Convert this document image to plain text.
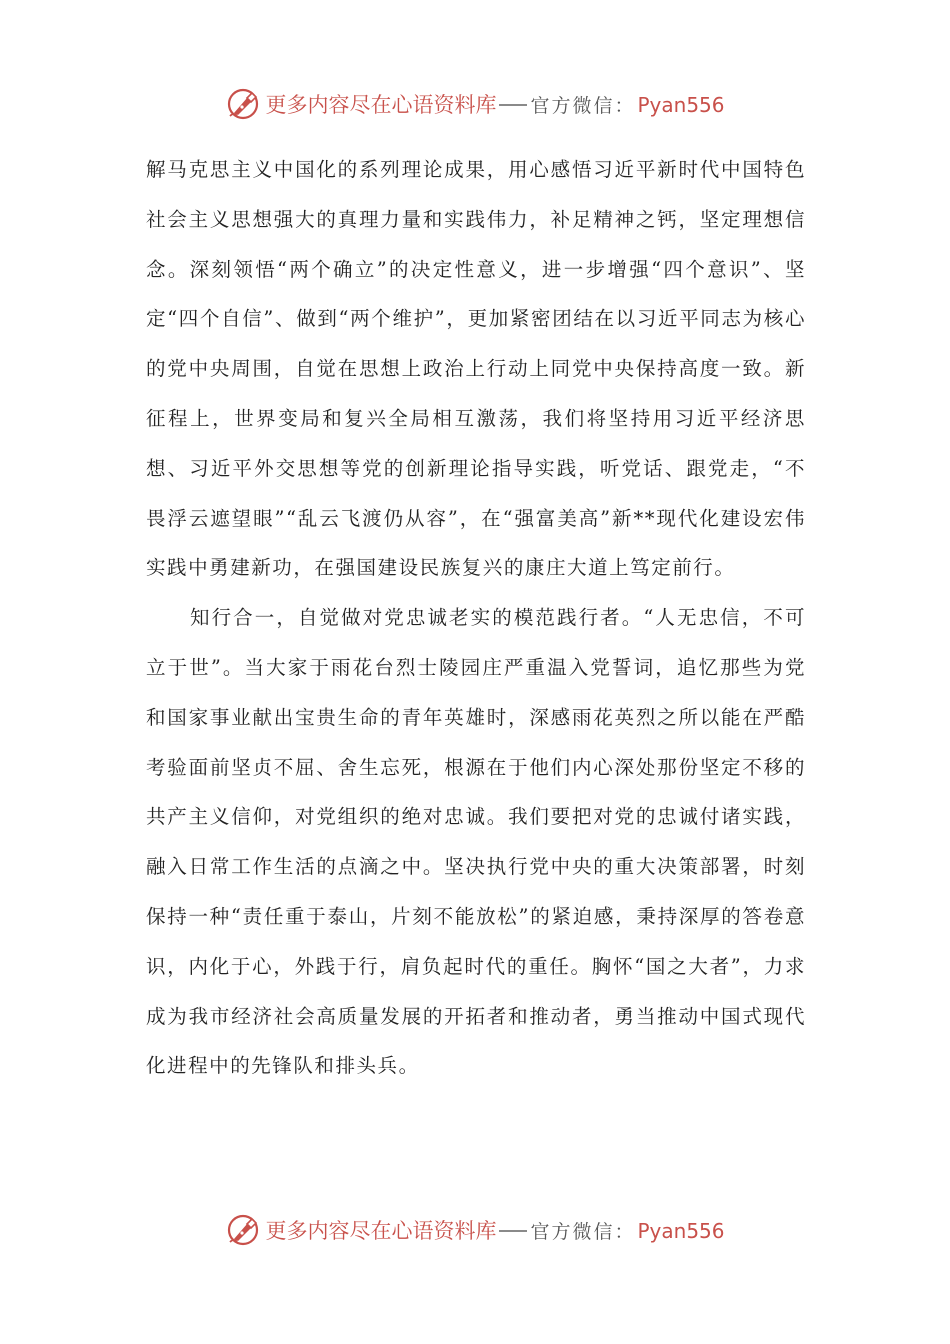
更多内容尽在心语资料库 官方微信： Pyan556

解马克思主义中国化的系列理论成果，用心感悟习近平新时代中国特色社会主义思想强大的真理力量和实践伟力，补足精神之钙，坚定理想信念。深刻领悟“两个确立”的决定性意义，进一步增强“四个意识”、坚定“四个自信”、做到“两个维护”，更加紧密团结在以习近平同志为核心的党中央周围，自觉在思想上政治上行动上同党中央保持高度一致。新征程上，世界变局和复兴全局相互激荡，我们将坚持用习近平经济思想、习近平外交思想等党的创新理论指导实践，听党话、跟党走，“不畏浮云遮望眼”“乱云飞渡仍从容”，在“强富美高”新**现代化建设宏伟实践中勇建新功，在强国建设民族复兴的康庄大道上笃定前行。

知行合一，自觉做对党忠诚老实的模范践行者。“人无忠信，不可立于世”。当大家于雨花台烈士陵园庄严重温入党誓词，追忆那些为党和国家事业献出宝贵生命的青年英雄时，深感雨花英烈之所以能在严酷考验面前坚贞不屈、舍生忘死，根源在于他们内心深处那份坚定不移的共产主义信仰，对党组织的绝对忠诚。我们要把对党的忠诚付诸实践，融入日常工作生活的点滴之中。坚决执行党中央的重大决策部署，时刻保持一种“责任重于泰山，片刻不能放松”的紧迫感，秉持深厚的答卷意识，内化于心，外践于行，肩负起时代的重任。胸怀“国之大者”，力求成为我市经济社会高质量发展的开拓者和推动者，勇当推动中国式现代化进程中的先锋队和排头兵。

更多内容尽在心语资料库 官方微信： Pyan556
